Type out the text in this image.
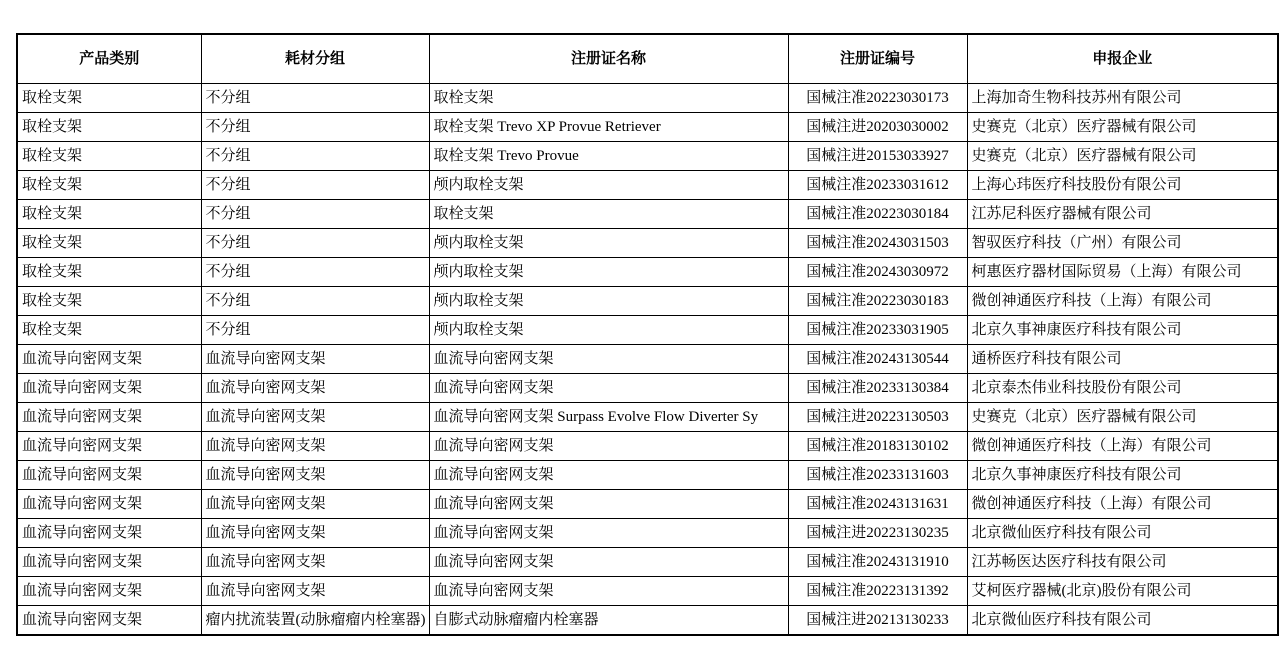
产品类别	耗材分组	注册证名称	注册证编号	申报企业
取栓支架	不分组	取栓支架	国械注准20223030173	上海加奇生物科技苏州有限公司
取栓支架	不分组	取栓支架 Trevo XP Provue Retriever	国械注进20203030002	史赛克（北京）医疗器械有限公司
取栓支架	不分组	取栓支架 Trevo Provue	国械注进20153033927	史赛克（北京）医疗器械有限公司
取栓支架	不分组	颅内取栓支架	国械注准20233031612	上海心玮医疗科技股份有限公司
取栓支架	不分组	取栓支架	国械注准20223030184	江苏尼科医疗器械有限公司
取栓支架	不分组	颅内取栓支架	国械注准20243031503	智驭医疗科技（广州）有限公司
取栓支架	不分组	颅内取栓支架	国械注准20243030972	柯惠医疗器材国际贸易（上海）有限公司
取栓支架	不分组	颅内取栓支架	国械注准20223030183	微创神通医疗科技（上海）有限公司
取栓支架	不分组	颅内取栓支架	国械注准20233031905	北京久事神康医疗科技有限公司
血流导向密网支架	血流导向密网支架	血流导向密网支架	国械注准20243130544	通桥医疗科技有限公司
血流导向密网支架	血流导向密网支架	血流导向密网支架	国械注准20233130384	北京泰杰伟业科技股份有限公司
血流导向密网支架	血流导向密网支架	血流导向密网支架 Surpass Evolve Flow Diverter Sy	国械注进20223130503	史赛克（北京）医疗器械有限公司
血流导向密网支架	血流导向密网支架	血流导向密网支架	国械注准20183130102	微创神通医疗科技（上海）有限公司
血流导向密网支架	血流导向密网支架	血流导向密网支架	国械注准20233131603	北京久事神康医疗科技有限公司
血流导向密网支架	血流导向密网支架	血流导向密网支架	国械注准20243131631	微创神通医疗科技（上海）有限公司
血流导向密网支架	血流导向密网支架	血流导向密网支架	国械注进20223130235	北京微仙医疗科技有限公司
血流导向密网支架	血流导向密网支架	血流导向密网支架	国械注准20243131910	江苏畅医达医疗科技有限公司
血流导向密网支架	血流导向密网支架	血流导向密网支架	国械注准20223131392	艾柯医疗器械(北京)股份有限公司
血流导向密网支架	瘤内扰流装置(动脉瘤瘤内栓塞器)	自膨式动脉瘤瘤内栓塞器	国械注进20213130233	北京微仙医疗科技有限公司
